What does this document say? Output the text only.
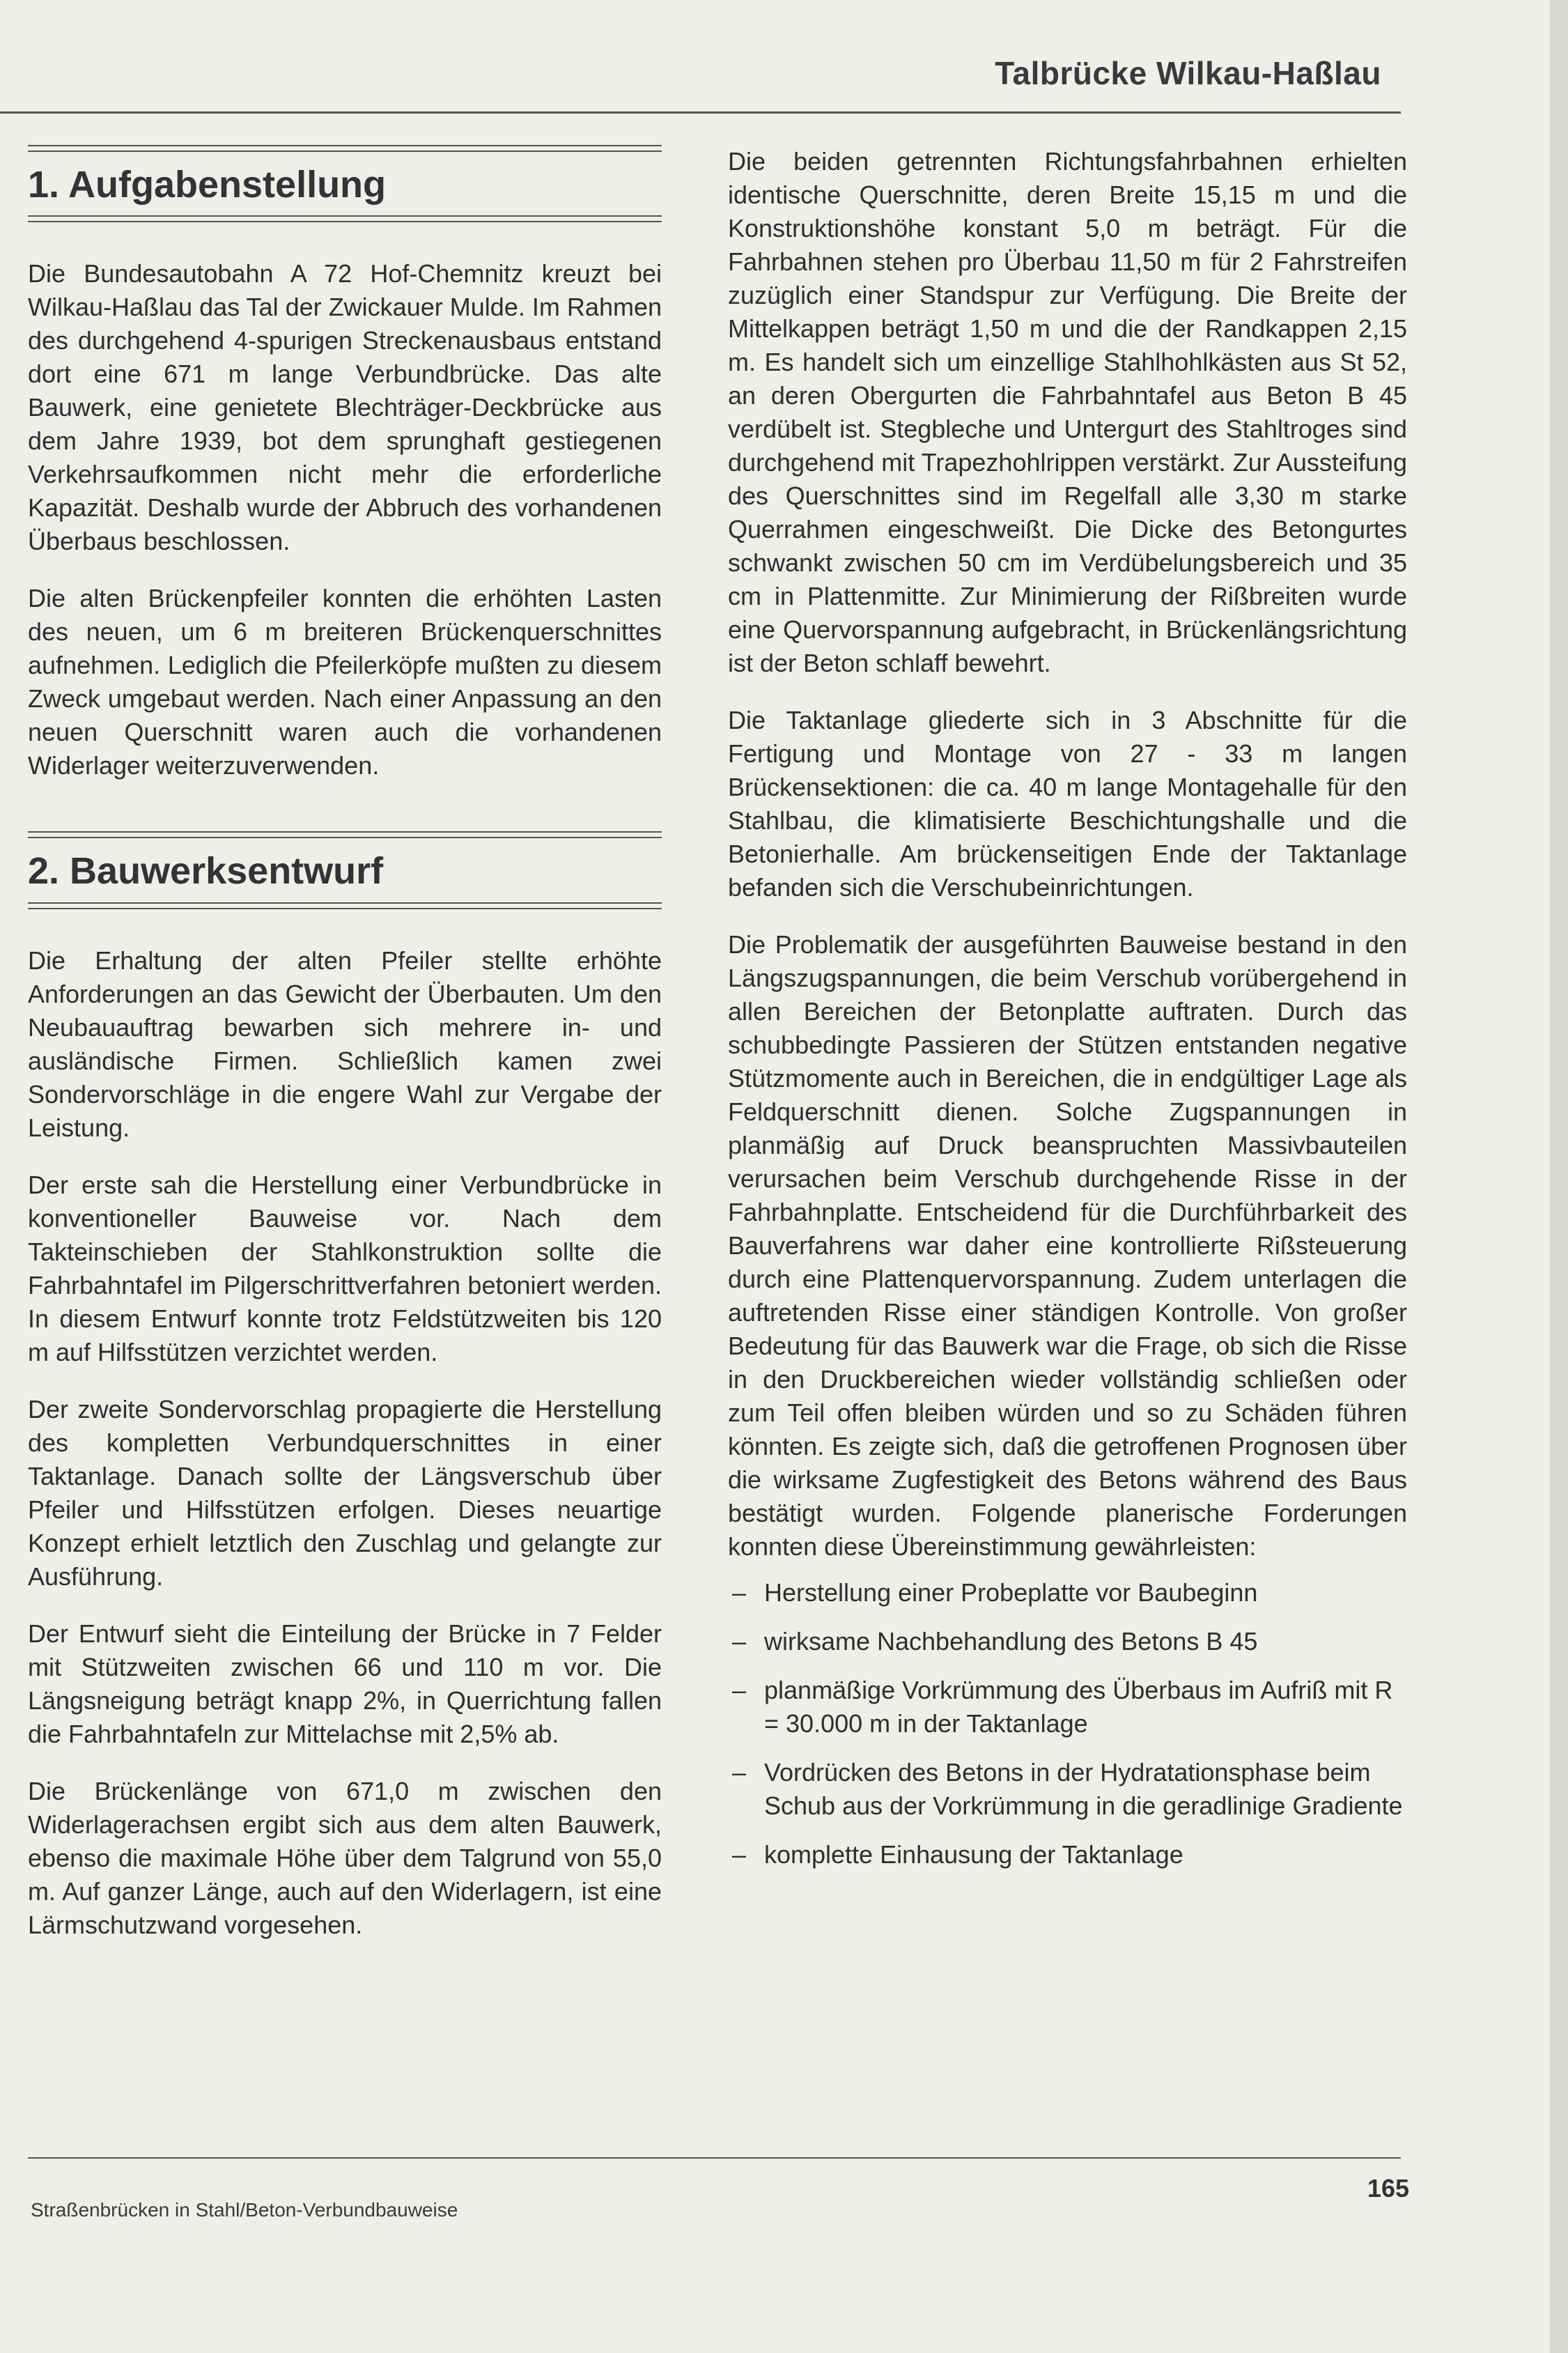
Talbrücke Wilkau-Haßlau
1. Aufgabenstellung

Die Bundesautobahn A 72 Hof-Chemnitz kreuzt bei Wilkau-Haßlau das Tal der Zwickauer Mulde. Im Rahmen des durchgehend 4-spurigen Streckenausbaus entstand dort eine 671 m lange Verbundbrücke. Das alte Bauwerk, eine genietete Blechträger-Deckbrücke aus dem Jahre 1939, bot dem sprunghaft gestiegenen Verkehrsaufkommen nicht mehr die erforderliche Kapazität. Deshalb wurde der Abbruch des vorhandenen Überbaus beschlossen.

Die alten Brückenpfeiler konnten die erhöhten Lasten des neuen, um 6 m breiteren Brückenquerschnittes aufnehmen. Lediglich die Pfeilerköpfe mußten zu diesem Zweck umgebaut werden. Nach einer Anpassung an den neuen Querschnitt waren auch die vorhandenen Widerlager weiterzuverwenden.

2. Bauwerksentwurf

Die Erhaltung der alten Pfeiler stellte erhöhte Anforderungen an das Gewicht der Überbauten. Um den Neubauauftrag bewarben sich mehrere in- und ausländische Firmen. Schließlich kamen zwei Sondervorschläge in die engere Wahl zur Vergabe der Leistung.

Der erste sah die Herstellung einer Verbundbrücke in konventioneller Bauweise vor. Nach dem Takteinschieben der Stahlkonstruktion sollte die Fahrbahntafel im Pilgerschrittverfahren betoniert werden. In diesem Entwurf konnte trotz Feldstützweiten bis 120 m auf Hilfsstützen verzichtet werden.

Der zweite Sondervorschlag propagierte die Herstellung des kompletten Verbundquerschnittes in einer Taktanlage. Danach sollte der Längsverschub über Pfeiler und Hilfsstützen erfolgen. Dieses neuartige Konzept erhielt letztlich den Zuschlag und gelangte zur Ausführung.

Der Entwurf sieht die Einteilung der Brücke in 7 Felder mit Stützweiten zwischen 66 und 110 m vor. Die Längsneigung beträgt knapp 2%, in Querrichtung fallen die Fahrbahntafeln zur Mittelachse mit 2,5% ab.

Die Brückenlänge von 671,0 m zwischen den Widerlagerachsen ergibt sich aus dem alten Bauwerk, ebenso die maximale Höhe über dem Talgrund von 55,0 m. Auf ganzer Länge, auch auf den Widerlagern, ist eine Lärmschutzwand vorgesehen.

Die beiden getrennten Richtungsfahrbahnen erhielten identische Querschnitte, deren Breite 15,15 m und die Konstruktionshöhe konstant 5,0 m beträgt. Für die Fahrbahnen stehen pro Überbau 11,50 m für 2 Fahrstreifen zuzüglich einer Standspur zur Verfügung. Die Breite der Mittelkappen beträgt 1,50 m und die der Randkappen 2,15 m. Es handelt sich um einzellige Stahlhohlkästen aus St 52, an deren Obergurten die Fahrbahntafel aus Beton B 45 verdübelt ist. Stegbleche und Untergurt des Stahltroges sind durchgehend mit Trapezhohlrippen verstärkt. Zur Aussteifung des Querschnittes sind im Regelfall alle 3,30 m starke Querrahmen eingeschweißt. Die Dicke des Betongurtes schwankt zwischen 50 cm im Verdübelungsbereich und 35 cm in Plattenmitte. Zur Minimierung der Rißbreiten wurde eine Quervorspannung aufgebracht, in Brückenlängsrichtung ist der Beton schlaff bewehrt.

Die Taktanlage gliederte sich in 3 Abschnitte für die Fertigung und Montage von 27 - 33 m langen Brückensektionen: die ca. 40 m lange Montagehalle für den Stahlbau, die klimatisierte Beschichtungshalle und die Betonierhalle. Am brückenseitigen Ende der Taktanlage befanden sich die Verschubeinrichtungen.

Die Problematik der ausgeführten Bauweise bestand in den Längszugspannungen, die beim Verschub vorübergehend in allen Bereichen der Betonplatte auftraten. Durch das schubbedingte Passieren der Stützen entstanden negative Stützmomente auch in Bereichen, die in endgültiger Lage als Feldquerschnitt dienen. Solche Zugspannungen in planmäßig auf Druck beanspruchten Massivbauteilen verursachen beim Verschub durchgehende Risse in der Fahrbahnplatte. Entscheidend für die Durchführbarkeit des Bauverfahrens war daher eine kontrollierte Rißsteuerung durch eine Plattenquervorspannung. Zudem unterlagen die auftretenden Risse einer ständigen Kontrolle. Von großer Bedeutung für das Bauwerk war die Frage, ob sich die Risse in den Druckbereichen wieder vollständig schließen oder zum Teil offen bleiben würden und so zu Schäden führen könnten. Es zeigte sich, daß die getroffenen Prognosen über die wirksame Zugfestigkeit des Betons während des Baus bestätigt wurden. Folgende planerische Forderungen konnten diese Übereinstimmung gewährleisten:

– Herstellung einer Probeplatte vor Baubeginn
– wirksame Nachbehandlung des Betons B 45
– planmäßige Vorkrümmung des Überbaus im Aufriß mit R = 30.000 m in der Taktanlage
– Vordrücken des Betons in der Hydratationsphase beim Schub aus der Vorkrümmung in die geradlinige Gradiente
– komplette Einhausung der Taktanlage
Straßenbrücken in Stahl/Beton-Verbundbauweise
165
